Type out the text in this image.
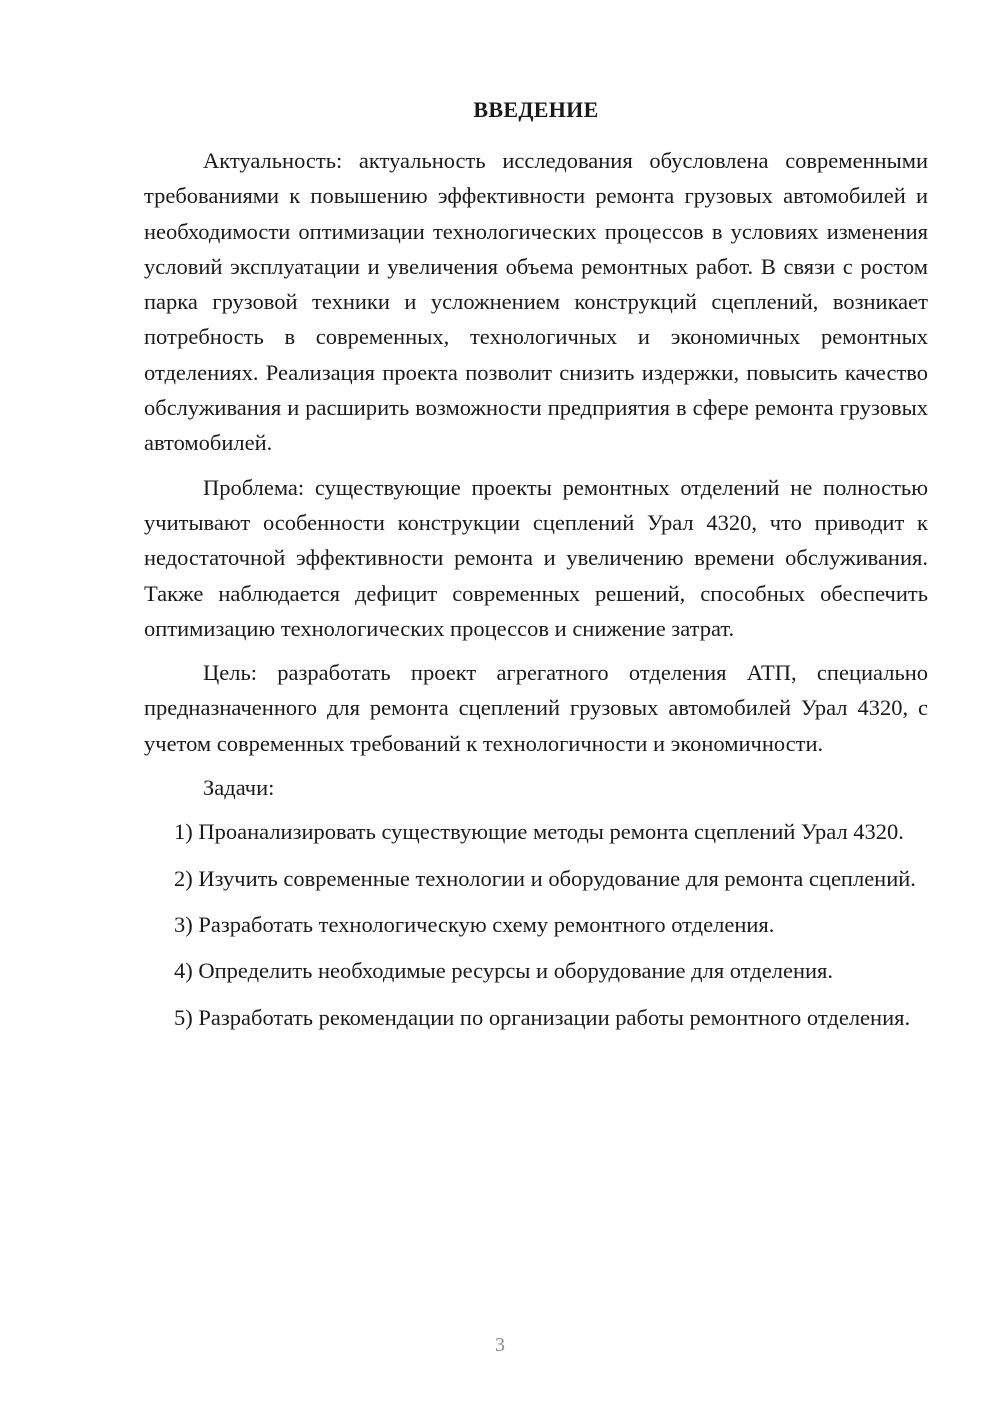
ВВЕДЕНИЕ

Актуальность: актуальность исследования обусловлена современными требованиями к повышению эффективности ремонта грузовых автомобилей и необходимости оптимизации технологических процессов в условиях изменения условий эксплуатации и увеличения объема ремонтных работ. В связи с ростом парка грузовой техники и усложнением конструкций сцеплений, возникает потребность в современных, технологичных и экономичных ремонтных отделениях. Реализация проекта позволит снизить издержки, повысить качество обслуживания и расширить возможности предприятия в сфере ремонта грузовых автомобилей.

Проблема: существующие проекты ремонтных отделений не полностью учитывают особенности конструкции сцеплений Урал 4320, что приводит к недостаточной эффективности ремонта и увеличению времени обслуживания. Также наблюдается дефицит современных решений, способных обеспечить оптимизацию технологических процессов и снижение затрат.

Цель: разработать проект агрегатного отделения АТП, специально предназначенного для ремонта сцеплений грузовых автомобилей Урал 4320, с учетом современных требований к технологичности и экономичности.

Задачи:

1) Проанализировать существующие методы ремонта сцеплений Урал 4320.

2) Изучить современные технологии и оборудование для ремонта сцеплений.

3) Разработать технологическую схему ремонтного отделения.

4) Определить необходимые ресурсы и оборудование для отделения.

5) Разработать рекомендации по организации работы ремонтного отделения.

3
